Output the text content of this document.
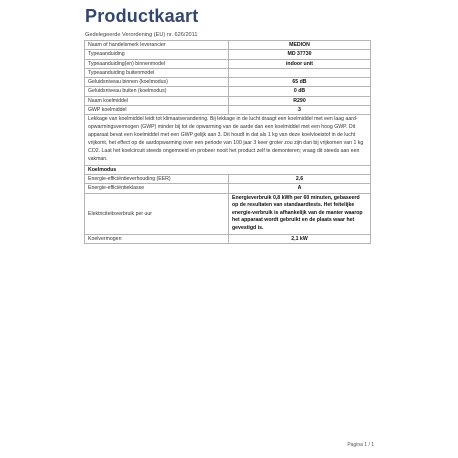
Productkaart
Gedelegeerde Verordening (EU) nr. 626/2011
Naam of handelsmerk leverancier	MEDION
Typeaanduiding	MD 37730
Typeaanduiding(en) binnenmodel	indoor unit
Typeaanduiding buitenmodel	
Geluidsniveau binnen (koelmodus)	65 dB
Geluidsniveau buiten (koelmodus)	0 dB
Naam koelmiddel	R290
GWP koelmiddel	3
Lekkage van koelmiddel leidt tot klimaatverandering. Bij lekkage in de lucht draagt een koelmiddel met een laag aard-opwarmingsvermogen (GWP) minder bij tot de opwarming van de aarde dan een koelmiddel met een hoog GWP. Dit apparaat bevat een koelmiddel met een GWP gelijk aan 3. Dit houdt in dat als 1 kg van deze koelvloeistof in de lucht vrijkomt, het effect op de aardopwarming over een periode van 100 jaar 3 keer groter zou zijn dan bij vrijkomen van 1 kg CO2. Laat het koelcircuit steeds ongemoeid en probeer nooit het product zelf te demonteren; vraag dit steeds aan een vakman.	
Koelmodus	
Energie-efficiëntieverhouding (EER)	2,6
Energie-efficiëntieklasse	A
Elektriciteitsverbruik per uur	Energieverbruik 0,8 kWh per 60 minuten, gebaseerd op de resultaten van standaardtests. Het feitelijke energie-verbruik is afhankelijk van de manier waarop het apparaat wordt gebruikt en de plaats waar het gevestigd is.
Koelvermogen	2,1 kW
Pagina 1 / 1
